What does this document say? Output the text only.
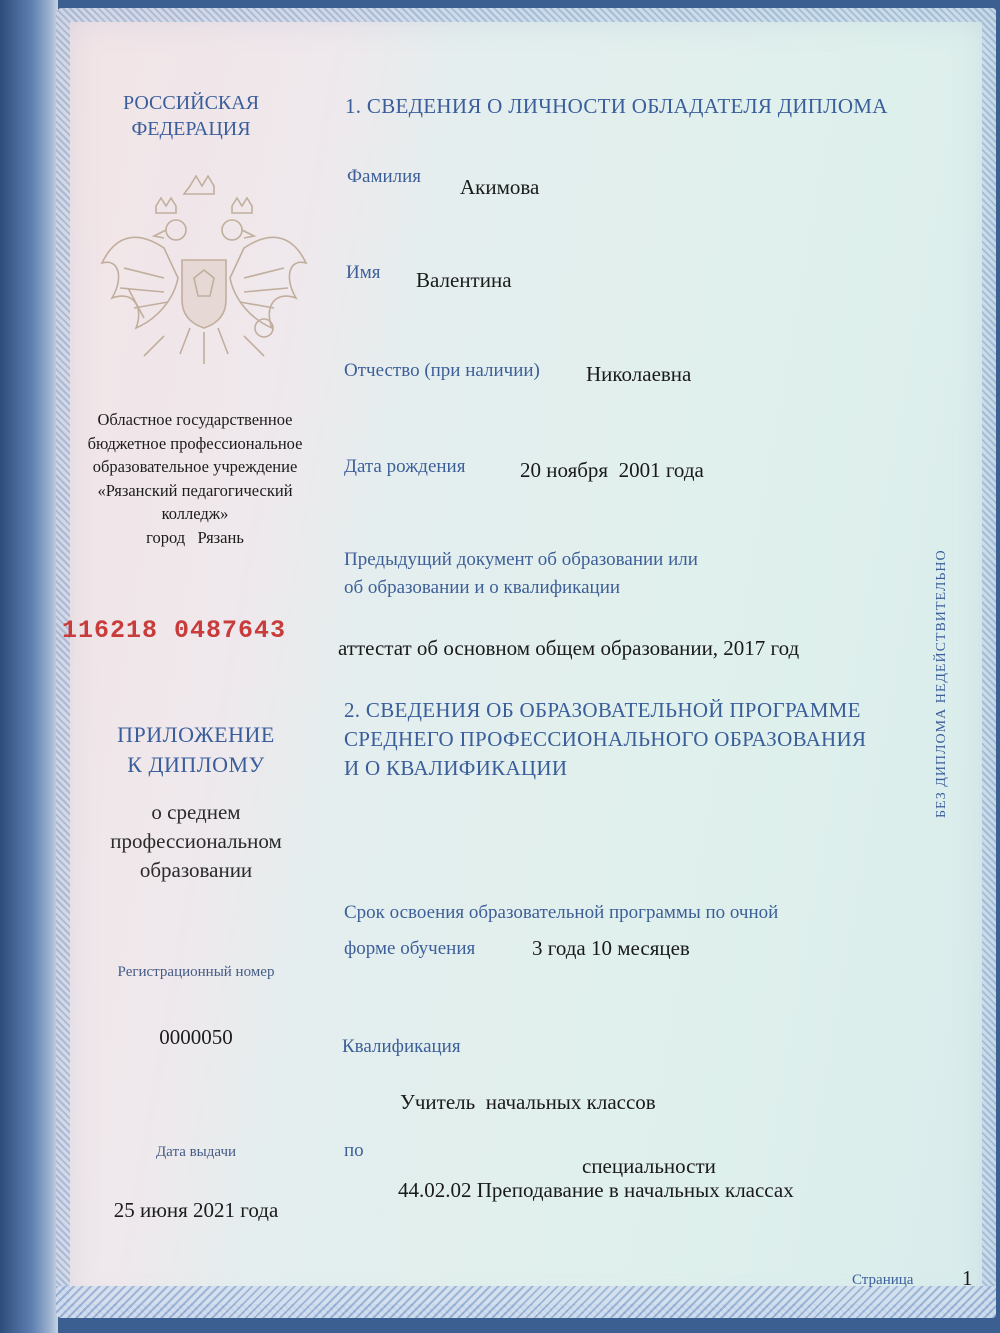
РОССИЙСКАЯ
ФЕДЕРАЦИЯ
Областное государственное
бюджетное профессиональное
образовательное учреждение
«Рязанский педагогический
колледж»
город   Рязань
116218 0487643
ПРИЛОЖЕНИЕ
К ДИПЛОМУ
о среднем
профессиональном
образовании
Регистрационный номер
0000050
Дата выдачи
25 июня 2021 года
1. СВЕДЕНИЯ О ЛИЧНОСТИ ОБЛАДАТЕЛЯ ДИПЛОМА
Фамилия Акимова
Имя Валентина
Отчество (при наличии) Николаевна
Дата рождения	20 ноября  2001 года
Предыдущий документ об образовании или
об образовании и о квалификации
аттестат об основном общем образовании, 2017 год
2. СВЕДЕНИЯ ОБ ОБРАЗОВАТЕЛЬНОЙ ПРОГРАММЕ
СРЕДНЕГО ПРОФЕССИОНАЛЬНОГО ОБРАЗОВАНИЯ
И О КВАЛИФИКАЦИИ
Срок освоения образовательной программы по очной
форме обучения	3 года 10 месяцев
Квалификация
Учитель  начальных классов
по
специальности
44.02.02 Преподавание в начальных классах
БЕЗ ДИПЛОМА НЕДЕЙСТВИТЕЛЬНО
Страница 1
